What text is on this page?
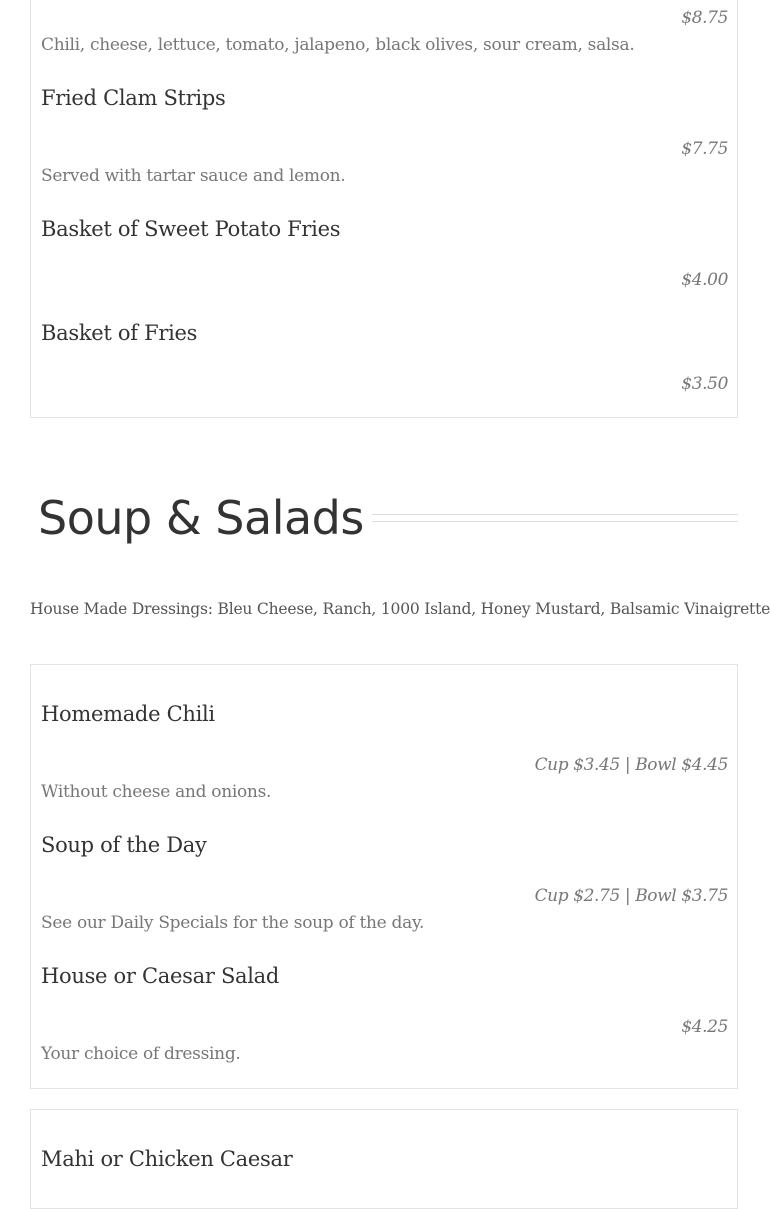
$8.75
Chili, cheese, lettuce, tomato, jalapeno, black olives, sour cream, salsa.
Fried Clam Strips
$7.75
Served with tartar sauce and lemon.
Basket of Sweet Potato Fries
$4.00
Basket of Fries
$3.50
Soup & Salads
House Made Dressings: Bleu Cheese, Ranch, 1000 Island, Honey Mustard, Balsamic Vinaigrette
Homemade Chili
Cup $3.45 | Bowl $4.45
Without cheese and onions.
Soup of the Day
Cup $2.75 | Bowl $3.75
See our Daily Specials for the soup of the day.
House or Caesar Salad
$4.25
Your choice of dressing.
Mahi or Chicken Caesar
